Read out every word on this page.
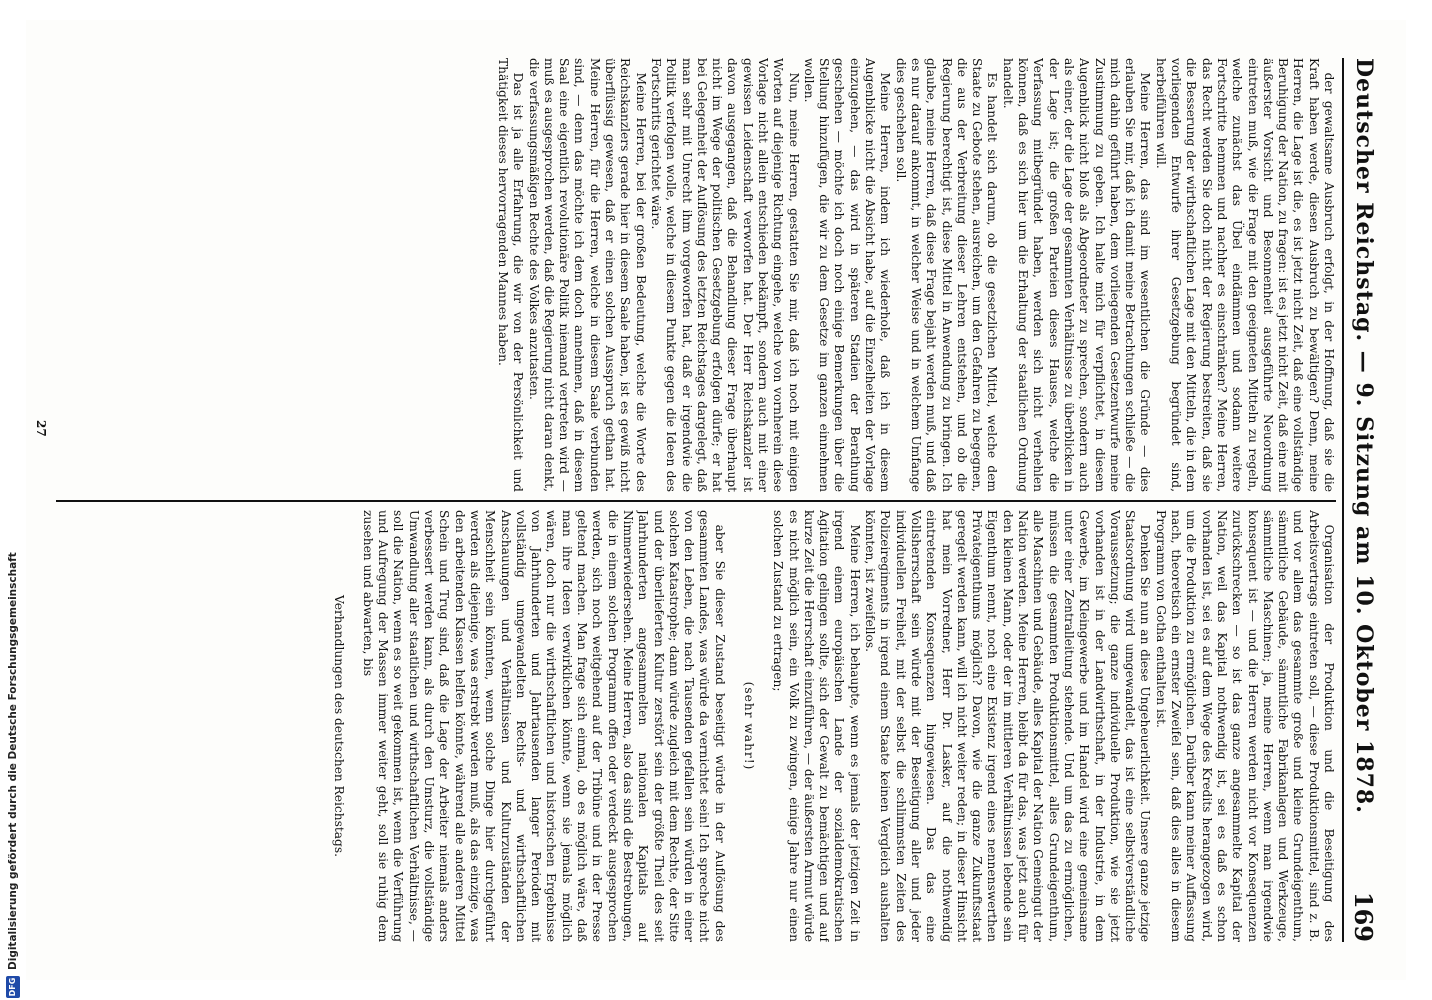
Deutscher Reichstag. — 9. Sitzung am 10. Oktober 1878.
169

der gewaltsame Ausbruch erfolgt, in der Hoffnung, daß sie die Kraft haben werde, diesen Ausbruch zu bewältigen? Denn, meine Herren, die Lage ist die, es ist jetzt nicht Zeit, daß eine vollständige Beruhigung der Nation, zu fragen: ist es jetzt nicht Zeit, daß eine mit äußerster Vorsicht und Besonnenheit ausgeführte Neuordnung eintreten muß, wie die Frage mit den geeigneten Mitteln zu regeln, welche zunächst das Übel eindämmen und sodann weitere Fortschritte hemmen und nachher es einschränken? Meine Herren, das Recht werden Sie doch nicht der Regierung bestreiten, daß sie die Besserung der wirthschaftlichen Lage mit den Mitteln, die in dem vorliegenden Entwurfe ihrer Gesetzgebung begründet sind, herbeiführen will.

Meine Herren, das sind im wesentlichen die Gründe — dies erlauben Sie mir, daß ich damit meine Betrachtungen schließe — die mich dahin geführt haben, dem vorliegenden Gesetzentwurfe meine Zustimmung zu geben. Ich halte mich für verpflichtet, in diesem Augenblick nicht bloß als Abgeordneter zu sprechen, sondern auch als einer, der die Lage der gesammten Verhältnisse zu überblicken in der Lage ist; die großen Parteien dieses Hauses, welche die Verfassung mitbegründet haben, werden sich nicht verhehlen können, daß es sich hier um die Erhaltung der staatlichen Ordnung handelt.

Es handelt sich darum, ob die gesetzlichen Mittel, welche dem Staate zu Gebote stehen, ausreichen, um den Gefahren zu begegnen, die aus der Verbreitung dieser Lehren entstehen, und ob die Regierung berechtigt ist, diese Mittel in Anwendung zu bringen. Ich glaube, meine Herren, daß diese Frage bejaht werden muß, und daß es nur darauf ankommt, in welcher Weise und in welchem Umfange dies geschehen soll.

Meine Herren, indem ich wiederhole, daß ich in diesem Augenblicke nicht die Absicht habe, auf die Einzelheiten der Vorlage einzugehen, — das wird in späteren Stadien der Berathung geschehen — möchte ich doch noch einige Bemerkungen über die Stellung hinzufügen, die wir zu dem Gesetze im ganzen einnehmen wollen.

Nun, meine Herren, gestatten Sie mir, daß ich noch mit einigen Worten auf diejenige Richtung eingehe, welche von vornherein diese Vorlage nicht allein entschieden bekämpft, sondern auch mit einer gewissen Leidenschaft verworfen hat. Der Herr Reichskanzler ist davon ausgegangen, daß die Behandlung dieser Frage überhaupt nicht im Wege der politischen Gesetzgebung erfolgen dürfe; er hat bei Gelegenheit der Auflösung des letzten Reichstages dargelegt, daß man sehr mit Unrecht ihm vorgeworfen hat, daß er irgendwie die Politik verfolgen wolle, welche in diesem Punkte gegen die Ideen des Fortschritts gerichtet wäre.

Meine Herren, bei der großen Bedeutung, welche die Worte des Reichskanzlers gerade hier in diesem Saale haben, ist es gewiß nicht überflüssig gewesen, daß er einen solchen Ausspruch gethan hat. Meine Herren, für die Herren, welche in diesem Saale verbunden sind, — denn das möchte ich dem doch annehmen, daß in diesem Saal eine eigentlich revolutionäre Politik niemand vertreten wird — muß es ausgesprochen werden, daß die Regierung nicht daran denkt, die verfassungsmäßigen Rechte des Volkes anzutasten.

Das ist ja alle Erfahrung, die wir von der Persönlichkeit und Thätigkeit dieses hervorragenden Mannes haben.

Organisation der Produktion und die Beseitigung des Arbeitsvertrags eintreten soll, — diese Produktionsmittel, sind z. B. und vor allem das gesammte große und kleine Grundeigenthum, sämmtliche Gebäude, sämmtliche Fabrikanlagen und Werkzeuge, sämmtliche Maschinen; ja, meine Herren, wenn man irgendwie konsequent ist — und die Herren werden nicht vor Konsequenzen zurückschrecken — so ist das ganze angesammelte Kapital der Nation, weil das Kapital nothwendig ist, sei es daß es schon vorhanden ist, sei es auf dem Wege des Kredits herangezogen wird, um die Produktion zu ermöglichen. Darüber kann meiner Auffassung nach, theoretisch ein ernster Zweifel sein, daß dies alles in diesem Programm von Gotha enthalten ist.

Denken Sie nun an diese Ungeheuerlichkeit. Unsere ganze jetzige Staatsordnung wird umgewandelt, das ist eine selbstverständliche Voraussetzung; die ganze individuelle Produktion, wie sie jetzt vorhanden ist in der Landwirthschaft, in der Industrie, in dem Gewerbe, im Kleingewerbe und im Handel wird eine gemeinsame unter einer Zentralleitung stehende. Und um das zu ermöglichen, müssen die gesammten Produktionsmittel, alles Grundeigenthum, alle Maschinen und Gebäude, alles Kapital der Nation Gemeingut der Nation werden. Meine Herren, bleibt da für das, was jetzt auch für den kleinen Mann, oder der im mittleren Verhältnissen lebende sein Eigenthum nennt, noch eine Existenz irgend eines nennenswerthen Privateigenthums möglich? Davon, wie die ganze Zukunftsstaat geregelt werden kann, will ich nicht weiter reden; in dieser Hinsicht hat mein Vorredner, Herr Dr. Lasker, auf die nothwendig eintretenden Konsequenzen hingewiesen. Das das eine Vollsherrschaft sein würde mit der Beseitigung aller und jeder individuellen Freiheit, mit der selbst die schlimmsten Zeiten des Polizeiregiments in irgend einem Staate keinen Vergleich aushalten könnten, ist zweifellos.

Meine Herren, ich behaupte, wenn es jemals der jetzigen Zeit in irgend einem europäischen Lande der sozialdemokratischen Agitation gelingen sollte, sich der Gewalt zu bemächtigen und auf kurze Zeit die Herrschaft einzuführen, — der äußersten Armut würde es nicht möglich sein, ein Volk zu zwingen, einige Jahre nur einen solchen Zustand zu ertragen;

(sehr wahr!)

aber Sie dieser Zustand beseitigt würde in der Auflösung des gesammten Landes, was würde da vernichtet sein! Ich spreche nicht von den Leben, die nach Tausenden gefallen sein würden in einer solchen Katastrophe; dann würde zugleich mit dem Rechte, der Sitte und der überlieferten Kultur zerstört sein der größte Theil des seit Jahrhunderten angesammelten nationalen Kapitals auf Nimmerwiedersehen. Meine Herren, also das sind die Bestrebungen, die in einem solchen Programm offen oder verdeckt ausgesprochen werden, sich noch weitgehend auf der Tribüne und in der Presse geltend machen. Man frage sich einmal, ob es möglich wäre, daß man ihre Ideen verwirklichen könnte, wenn sie jemals möglich wären, doch nur die wirthschaftlichen und historischen Ergebnisse von Jahrhunderten und Jahrtausenden langer Perioden mit vollständig umgewandelten Rechts- und wirthschaftlichen Anschauungen und Verhältnissen und Kulturzuständen der Menschheit sein könnten, wenn solche Dinge hier durchgeführt werden als diejenige, was erstrebt werden muß, als das einzige, was den arbeitenden Klassen helfen könnte, während alle anderen Mittel Schein und Trug sind, daß die Lage der Arbeiter niemals anders verbessert werden kann, als durch den Umsturz, die vollständige Umwandlung aller staatlichen und wirthschaftlichen Verhältnisse, — soll die Nation, wenn es so weit gekommen ist, wenn die Verführung und Aufregung der Massen immer weiter geht, soll sie ruhig dem zusehen und abwarten, bis

Verhandlungen des deutschen Reichstags.

27
DFG
Digitalisierung gefördert durch die Deutsche Forschungsgemeinschaft
